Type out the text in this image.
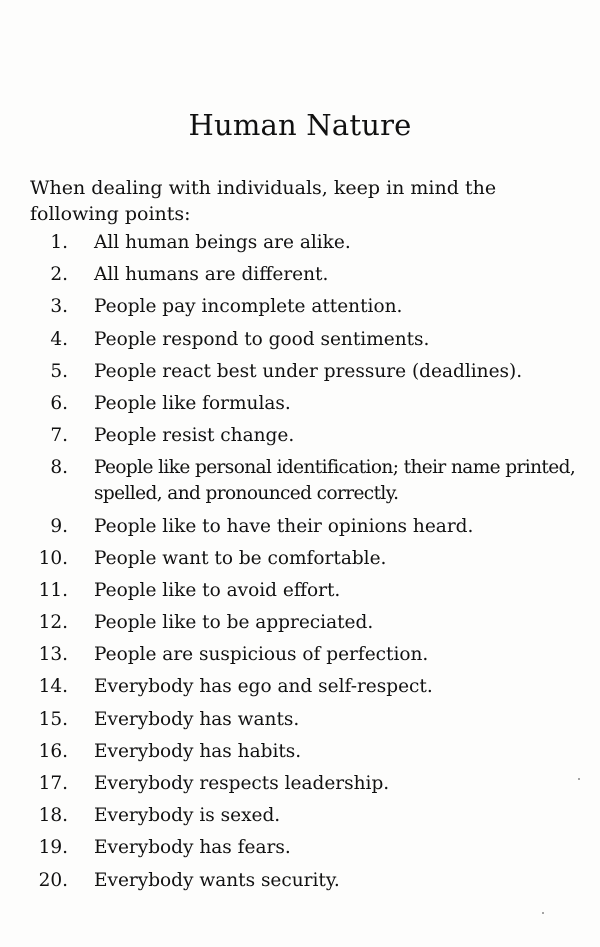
Human Nature

When dealing with individuals, keep in mind the following points:

1. All human beings are alike.
2. All humans are different.
3. People pay incomplete attention.
4. People respond to good sentiments.
5. People react best under pressure (deadlines).
6. People like formulas.
7. People resist change.
8. People like personal identification; their name printed, spelled, and pronounced correctly.
9. People like to have their opinions heard.
10. People want to be comfortable.
11. People like to avoid effort.
12. People like to be appreciated.
13. People are suspicious of perfection.
14. Everybody has ego and self-respect.
15. Everybody has wants.
16. Everybody has habits.
17. Everybody respects leadership.
18. Everybody is sexed.
19. Everybody has fears.
20. Everybody wants security.
